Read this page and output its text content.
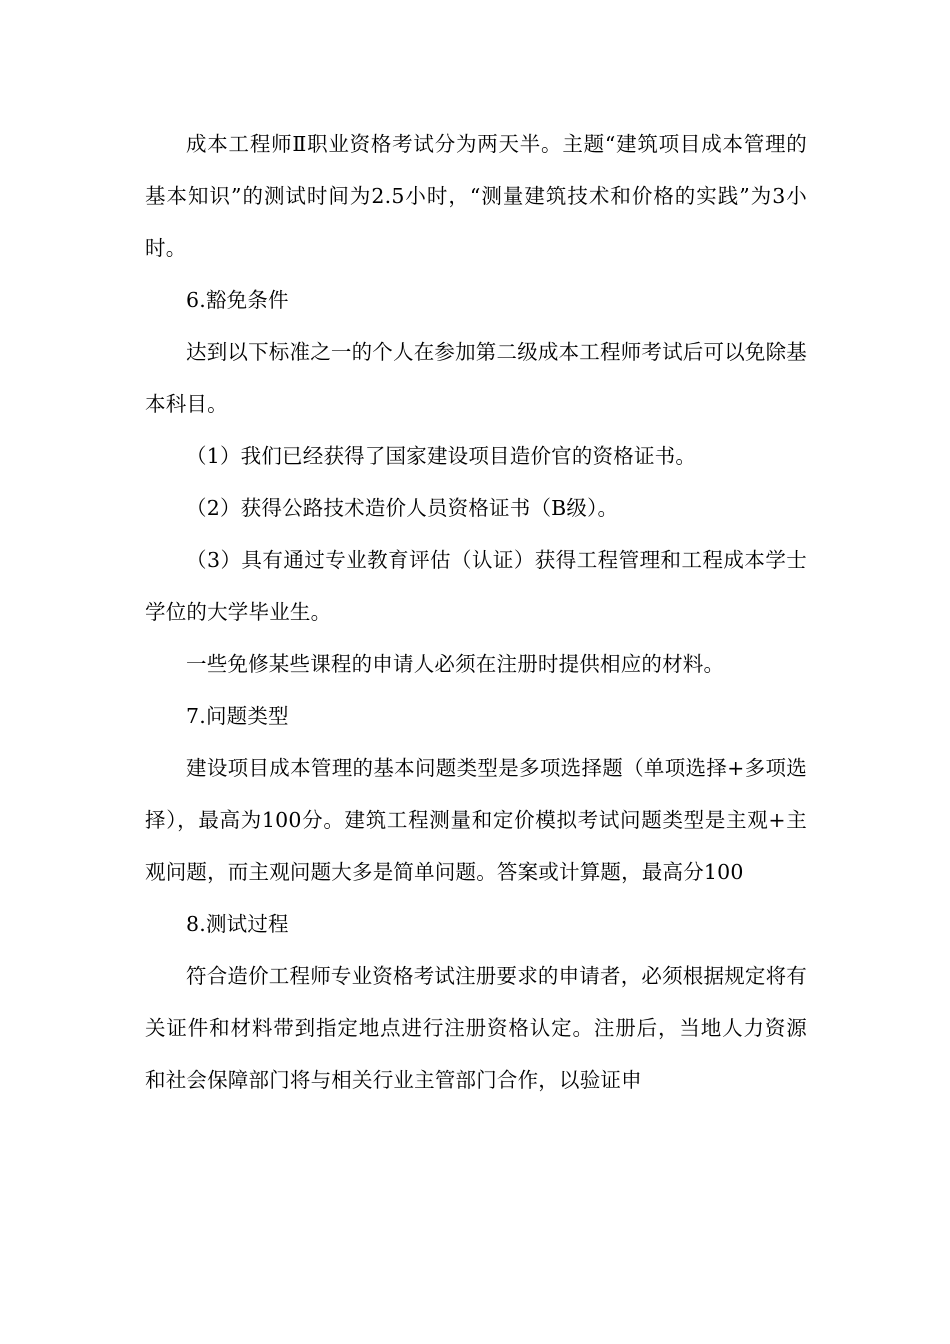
成本工程师Ⅱ职业资格考试分为两天半。主题“建筑项目成本管理的基本知识”的测试时间为2.5小时，“测量建筑技术和价格的实践”为3小时。

6.豁免条件

达到以下标准之一的个人在参加第二级成本工程师考试后可以免除基本科目。

（1）我们已经获得了国家建设项目造价官的资格证书。

（2）获得公路技术造价人员资格证书（B级）。

（3）具有通过专业教育评估（认证）获得工程管理和工程成本学士学位的大学毕业生。

一些免修某些课程的申请人必须在注册时提供相应的材料。

7.问题类型

建设项目成本管理的基本问题类型是多项选择题（单项选择+多项选择），最高为100分。建筑工程测量和定价模拟考试问题类型是主观+主观问题，而主观问题大多是简单问题。答案或计算题，最高分100

8.测试过程

符合造价工程师专业资格考试注册要求的申请者，必须根据规定将有关证件和材料带到指定地点进行注册资格认定。注册后，当地人力资源和社会保障部门将与相关行业主管部门合作，以验证申
